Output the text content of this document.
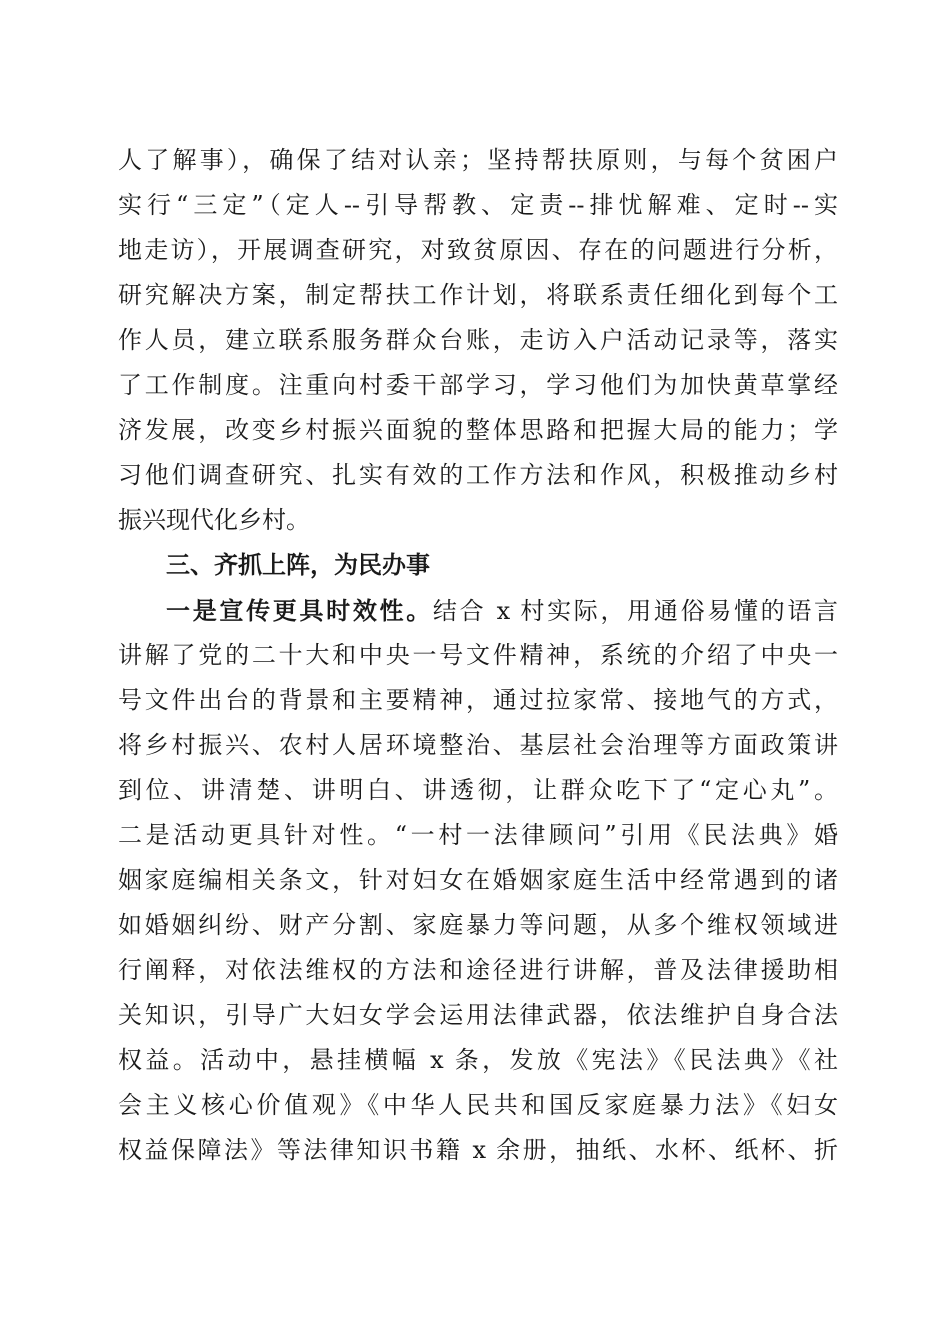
人了解事），确保了结对认亲；坚持帮扶原则，与每个贫困户
实行“三定”（定人--引导帮教、定责--排忧解难、定时--实
地走访），开展调查研究，对致贫原因、存在的问题进行分析，
研究解决方案，制定帮扶工作计划，将联系责任细化到每个工
作人员，建立联系服务群众台账，走访入户活动记录等，落实
了工作制度。注重向村委干部学习，学习他们为加快黄草掌经
济发展，改变乡村振兴面貌的整体思路和把握大局的能力；学
习他们调查研究、扎实有效的工作方法和作风，积极推动乡村
振兴现代化乡村。
三、齐抓上阵，为民办事
一是宣传更具时效性。结合 x 村实际，用通俗易懂的语言
讲解了党的二十大和中央一号文件精神，系统的介绍了中央一
号文件出台的背景和主要精神，通过拉家常、接地气的方式，
将乡村振兴、农村人居环境整治、基层社会治理等方面政策讲
到位、讲清楚、讲明白、讲透彻，让群众吃下了“定心丸”。
二是活动更具针对性。“一村一法律顾问”引用《民法典》婚
姻家庭编相关条文，针对妇女在婚姻家庭生活中经常遇到的诸
如婚姻纠纷、财产分割、家庭暴力等问题，从多个维权领域进
行阐释，对依法维权的方法和途径进行讲解，普及法律援助相
关知识，引导广大妇女学会运用法律武器，依法维护自身合法
权益。活动中，悬挂横幅 x 条，发放《宪法》《民法典》《社
会主义核心价值观》《中华人民共和国反家庭暴力法》《妇女
权益保障法》等法律知识书籍 x 余册，抽纸、水杯、纸杯、折
